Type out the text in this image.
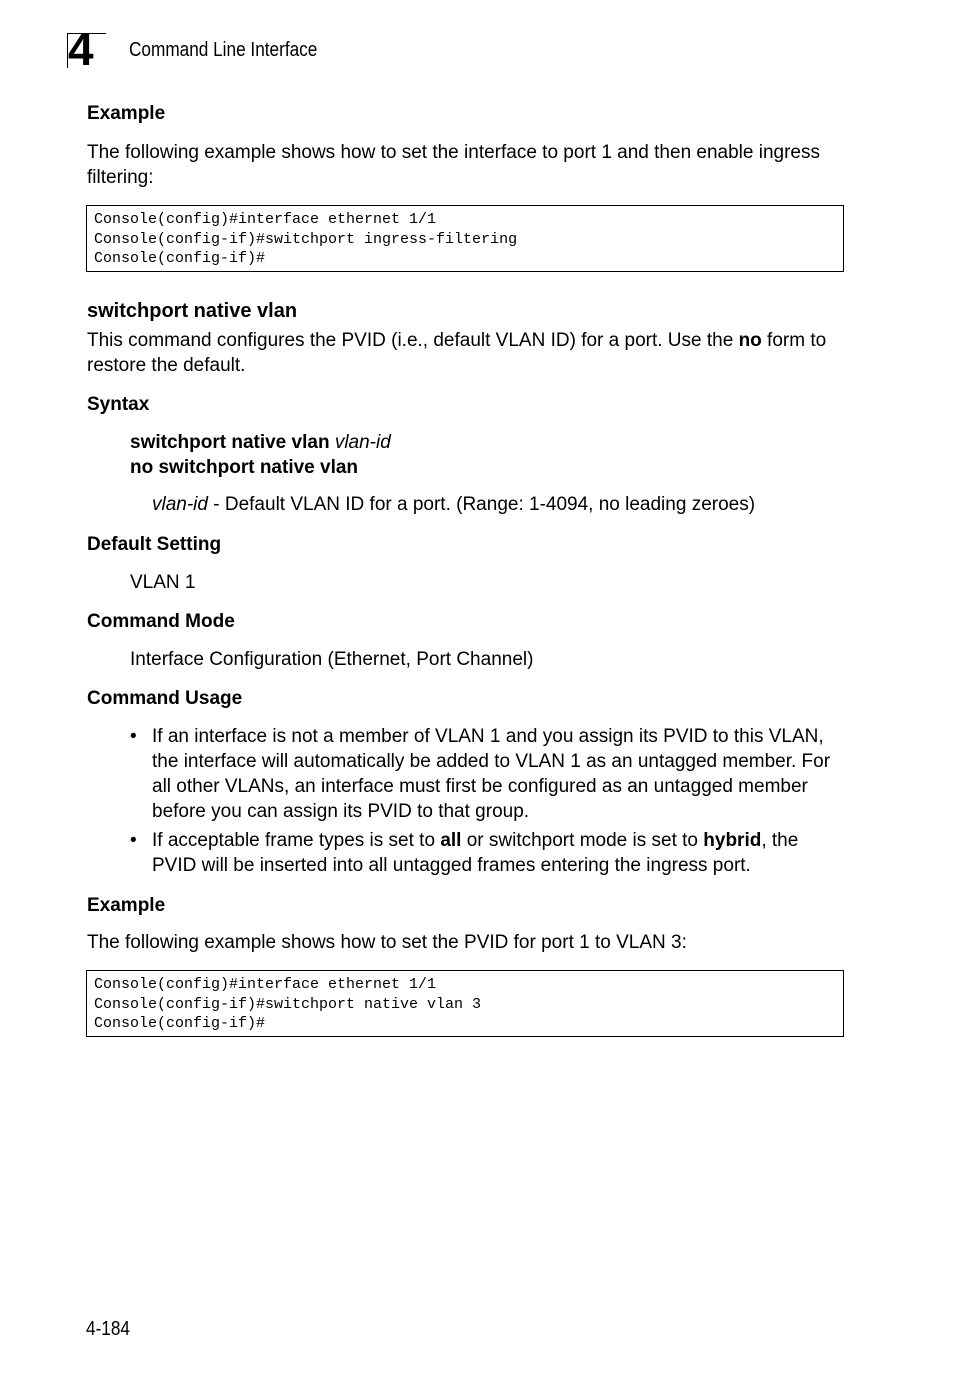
4 Command Line Interface

Example

The following example shows how to set the interface to port 1 and then enable ingress filtering:

Console(config)#interface ethernet 1/1
Console(config-if)#switchport ingress-filtering
Console(config-if)#

switchport native vlan

This command configures the PVID (i.e., default VLAN ID) for a port. Use the no form to restore the default.

Syntax

switchport native vlan vlan-id

no switchport native vlan

vlan-id - Default VLAN ID for a port. (Range: 1-4094, no leading zeroes)

Default Setting

VLAN 1

Command Mode

Interface Configuration (Ethernet, Port Channel)

Command Usage

• If an interface is not a member of VLAN 1 and you assign its PVID to this VLAN, the interface will automatically be added to VLAN 1 as an untagged member. For all other VLANs, an interface must first be configured as an untagged member before you can assign its PVID to that group.
• If acceptable frame types is set to all or switchport mode is set to hybrid, the PVID will be inserted into all untagged frames entering the ingress port.

Example

The following example shows how to set the PVID for port 1 to VLAN 3:

Console(config)#interface ethernet 1/1
Console(config-if)#switchport native vlan 3
Console(config-if)#
4-184
